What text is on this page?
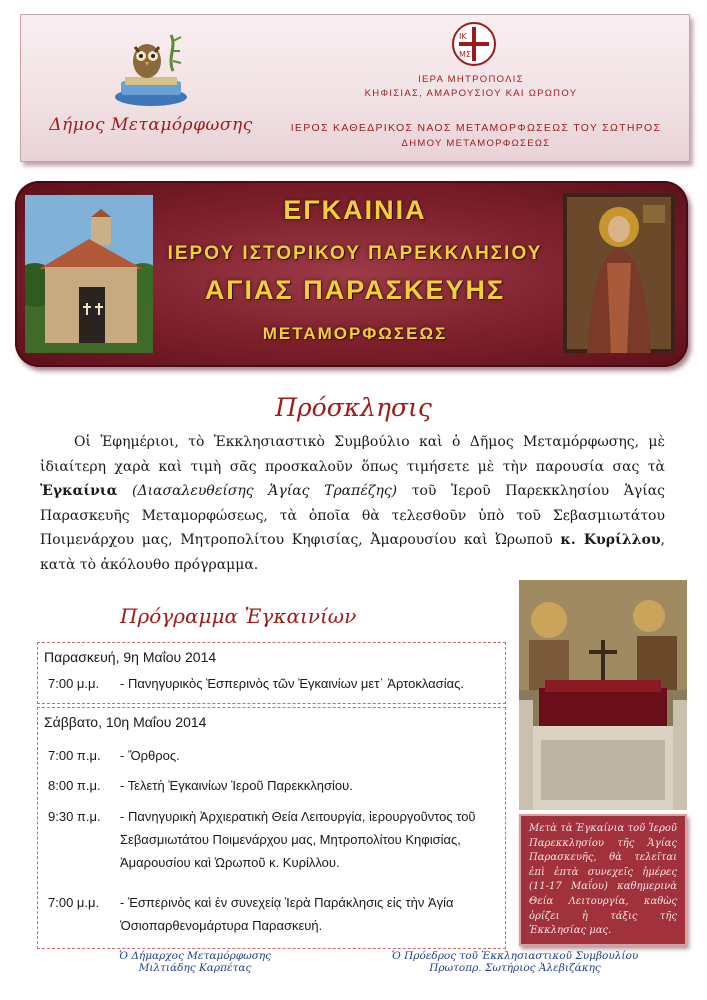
Δήμος Μεταμόρφωσης
ΙΚ
ΜΣ
ΙΕΡΑ ΜΗΤΡΟΠΟΛΙΣ
ΚΗΦΙΣΙΑΣ, ΑΜΑΡΟΥΣΙΟΥ ΚΑΙ ΩΡΩΠΟΥ
ΙΕΡΟΣ ΚΑΘΕΔΡΙΚΟΣ ΝΑΟΣ ΜΕΤΑΜΟΡΦΩΣΕΩΣ ΤΟΥ ΣΩΤΗΡΟΣ
ΔΗΜΟΥ ΜΕΤΑΜΟΡΦΩΣΕΩΣ
ΕΓΚΑΙΝΙΑ
ΙΕΡΟΥ ΙΣΤΟΡΙΚΟΥ ΠΑΡΕΚΚΛΗΣΙΟΥ
ΑΓΙΑΣ ΠΑΡΑΣΚΕΥΗΣ
ΜΕΤΑΜΟΡΦΩΣΕΩΣ
Πρόσκλησις
Οἱ Ἐφημέριοι, τὸ Ἐκκλησιαστικὸ Συμβούλιο καὶ ὁ Δῆμος Μεταμόρφωσης, μὲ ἰδιαίτερη χαρὰ καὶ τιμὴ σᾶς προσκαλοῦν ὅπως τιμήσετε μὲ τὴν παρουσία σας τὰ Ἐγκαίνια (Διασαλευθείσης Ἁγίας Τραπέζης) τοῦ Ἱεροῦ Παρεκκλησίου Ἁγίας Παρασκευῆς Μεταμορφώσεως, τὰ ὁποῖα θὰ τελεσθοῦν ὑπὸ τοῦ Σεβασμιωτάτου Ποιμενάρχου μας, Μητροπολίτου Κηφισίας, Ἀμαρουσίου καὶ Ὠρωποῦ κ. Κυρίλλου, κατὰ τὸ ἀκόλουθο πρόγραμμα.
Πρόγραμμα Ἐγκαινίων
Παρασκευή, 9η Μαΐου 2014
7:00 μ.μ.	- Πανηγυρικὸς Ἑσπερινὸς τῶν Ἐγκαινίων μετ᾽ Ἀρτοκλασίας.
Σάββατο, 10η Μαΐου 2014
7:00 π.μ.	- Ὄρθρος.
8:00 π.μ.	- Τελετὴ Ἐγκαινίων Ἱεροῦ Παρεκκλησίου.
9:30 π.μ.	- Πανηγυρικὴ Ἀρχιερατικὴ Θεία Λειτουργία, ἱερουργοῦντος τοῦ Σεβασμιωτάτου Ποιμενάρχου μας, Μητροπολίτου Κηφισίας, Ἀμαρουσίου καὶ Ὠρωποῦ κ. Κυρίλλου.
7:00 μ.μ.	- Ἑσπερινὸς καὶ ἐν συνεχείᾳ Ἱερὰ Παράκλησις εἰς τὴν Ἁγία Ὁσιοπαρθενομάρτυρα Παρασκευή.
Μετὰ τὰ Ἐγκαίνια τοῦ Ἱεροῦ Παρεκκλησίου τῆς Ἁγίας Παρασκευῆς, θὰ τελεῖται ἐπὶ ἑπτὰ συνεχεῖς ἡμέρες (11-17 Μαΐου) καθημερινὰ Θεία Λειτουργία, καθὼς ὁρίζει ἡ τάξις τῆς Ἐκκλησίας μας.
Ὁ Δήμαρχος Μεταμόρφωσης
Μιλτιάδης Καρπέτας
Ὁ Πρόεδρος τοῦ Ἐκκλησιαστικοῦ Συμβουλίου
Πρωτοπρ. Σωτήριος Ἀλεβιζάκης
